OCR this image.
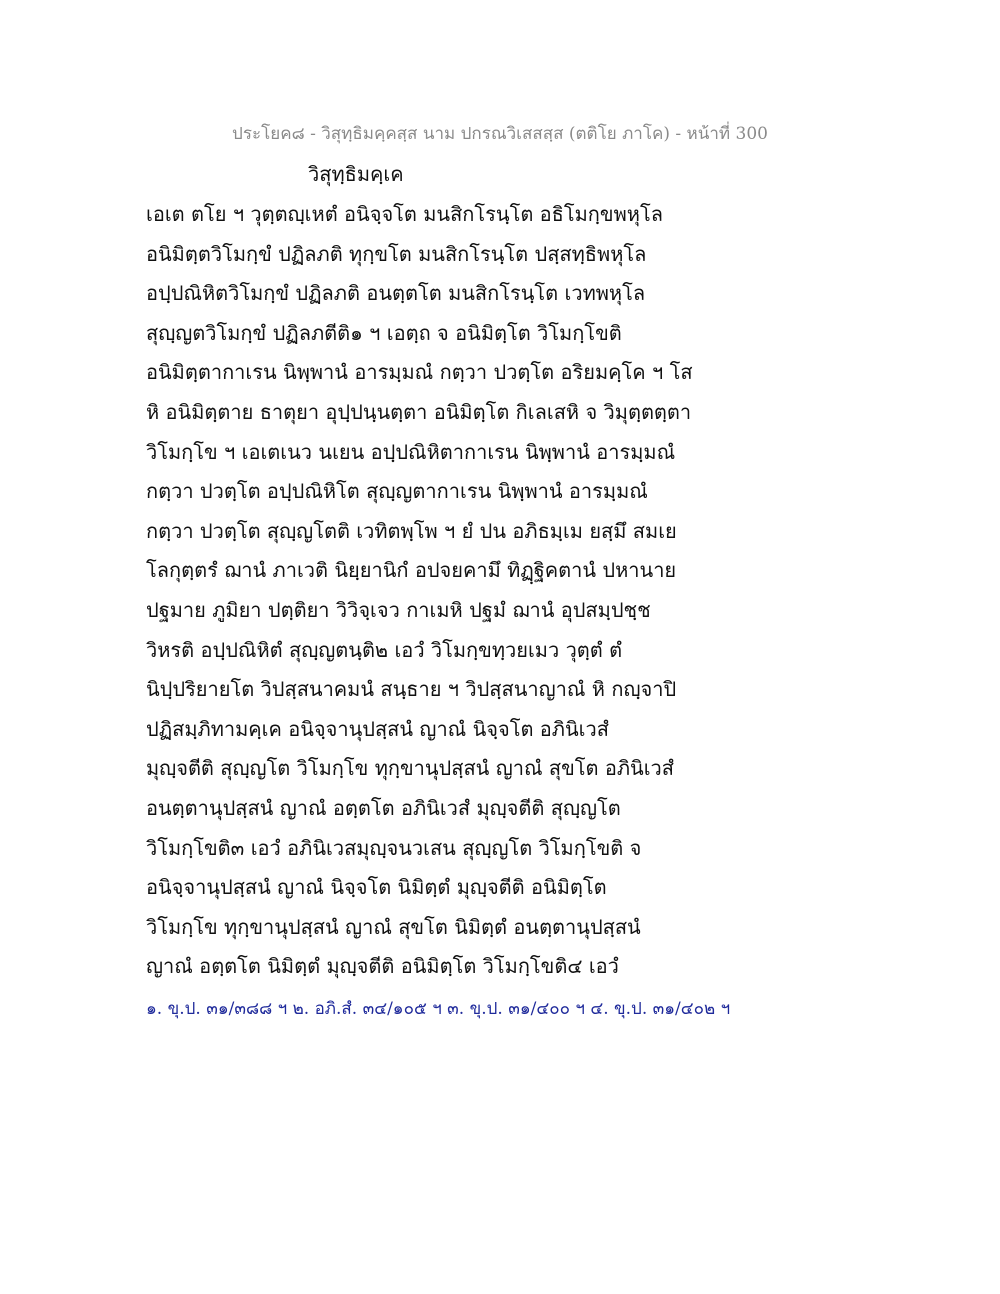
ประโยค๘ - วิสุทฺธิมคฺคสฺส นาม ปกรณวิเสสสฺส (ตติโย ภาโค) - หน้าที่ 300
วิสุทฺธิมคฺเค
เอเต ตโย ฯ วุตฺตญฺเหตํ อนิจฺจโต มนสิกโรนฺโต อธิโมกฺขพหุโล
อนิมิตฺตวิโมกฺขํ ปฏิลภติ ทุกฺขโต มนสิกโรนฺโต ปสฺสทฺธิพหุโล
อปฺปณิหิตวิโมกฺขํ ปฏิลภติ อนตฺตโต มนสิกโรนฺโต เวทพหุโล
สุญฺญตวิโมกฺขํ ปฏิลภตีติ๑ ฯ เอตฺถ จ อนิมิตฺโต วิโมกฺโขติ
อนิมิตฺตากาเรน นิพฺพานํ อารมฺมณํ กตฺวา ปวตฺโต อริยมคฺโค ฯ โส
หิ อนิมิตฺตาย ธาตุยา อุปฺปนฺนตฺตา อนิมิตฺโต กิเลเสหิ จ วิมุตฺตตฺตา
วิโมกฺโข ฯ เอเตเนว นเยน อปฺปณิหิตากาเรน นิพฺพานํ อารมฺมณํ
กตฺวา ปวตฺโต อปฺปณิหิโต สุญฺญตากาเรน นิพฺพานํ อารมฺมณํ
กตฺวา ปวตฺโต สุญฺญโตติ เวทิตพฺโพ ฯ ยํ ปน อภิธมฺเม ยสฺมึ สมเย
โลกุตฺตรํ ฌานํ ภาเวติ นิยฺยานิกํ อปจยคามึ ทิฏฺฐิคตานํ ปหานาย
ปฐมาย ภูมิยา ปตฺติยา วิวิจฺเจว กาเมหิ ปฐมํ ฌานํ อุปสมฺปชฺช
วิหรติ อปฺปณิหิตํ สุญฺญตนฺติ๒ เอวํ วิโมกฺขทฺวยเมว วุตฺตํ ตํ
นิปฺปริยายโต วิปสฺสนาคมนํ สนฺธาย ฯ วิปสฺสนาญาณํ หิ กญฺจาปิ
ปฏิสมฺภิทามคฺเค อนิจฺจานุปสฺสนํ ญาณํ นิจฺจโต อภินิเวสํ
มุญฺจตีติ สุญฺญโต วิโมกฺโข ทุกฺขานุปสฺสนํ ญาณํ สุขโต อภินิเวสํ
อนตฺตานุปสฺสนํ ญาณํ อตฺตโต อภินิเวสํ มุญฺจตีติ สุญฺญโต
วิโมกฺโขติ๓ เอวํ อภินิเวสมุญฺจนวเสน สุญฺญโต วิโมกฺโขติ จ
อนิจฺจานุปสฺสนํ ญาณํ นิจฺจโต นิมิตฺตํ มุญฺจตีติ อนิมิตฺโต
วิโมกฺโข ทุกฺขานุปสฺสนํ ญาณํ สุขโต นิมิตฺตํ อนตฺตานุปสฺสนํ
ญาณํ อตฺตโต นิมิตฺตํ มุญฺจตีติ อนิมิตฺโต วิโมกฺโขติ๔ เอวํ
๑. ขุ.ป. ๓๑/๓๘๘ ฯ ๒. อภิ.สํ. ๓๔/๑๐๕ ฯ ๓. ขุ.ป. ๓๑/๔๐๐ ฯ ๔. ขุ.ป. ๓๑/๔๐๒ ฯ
